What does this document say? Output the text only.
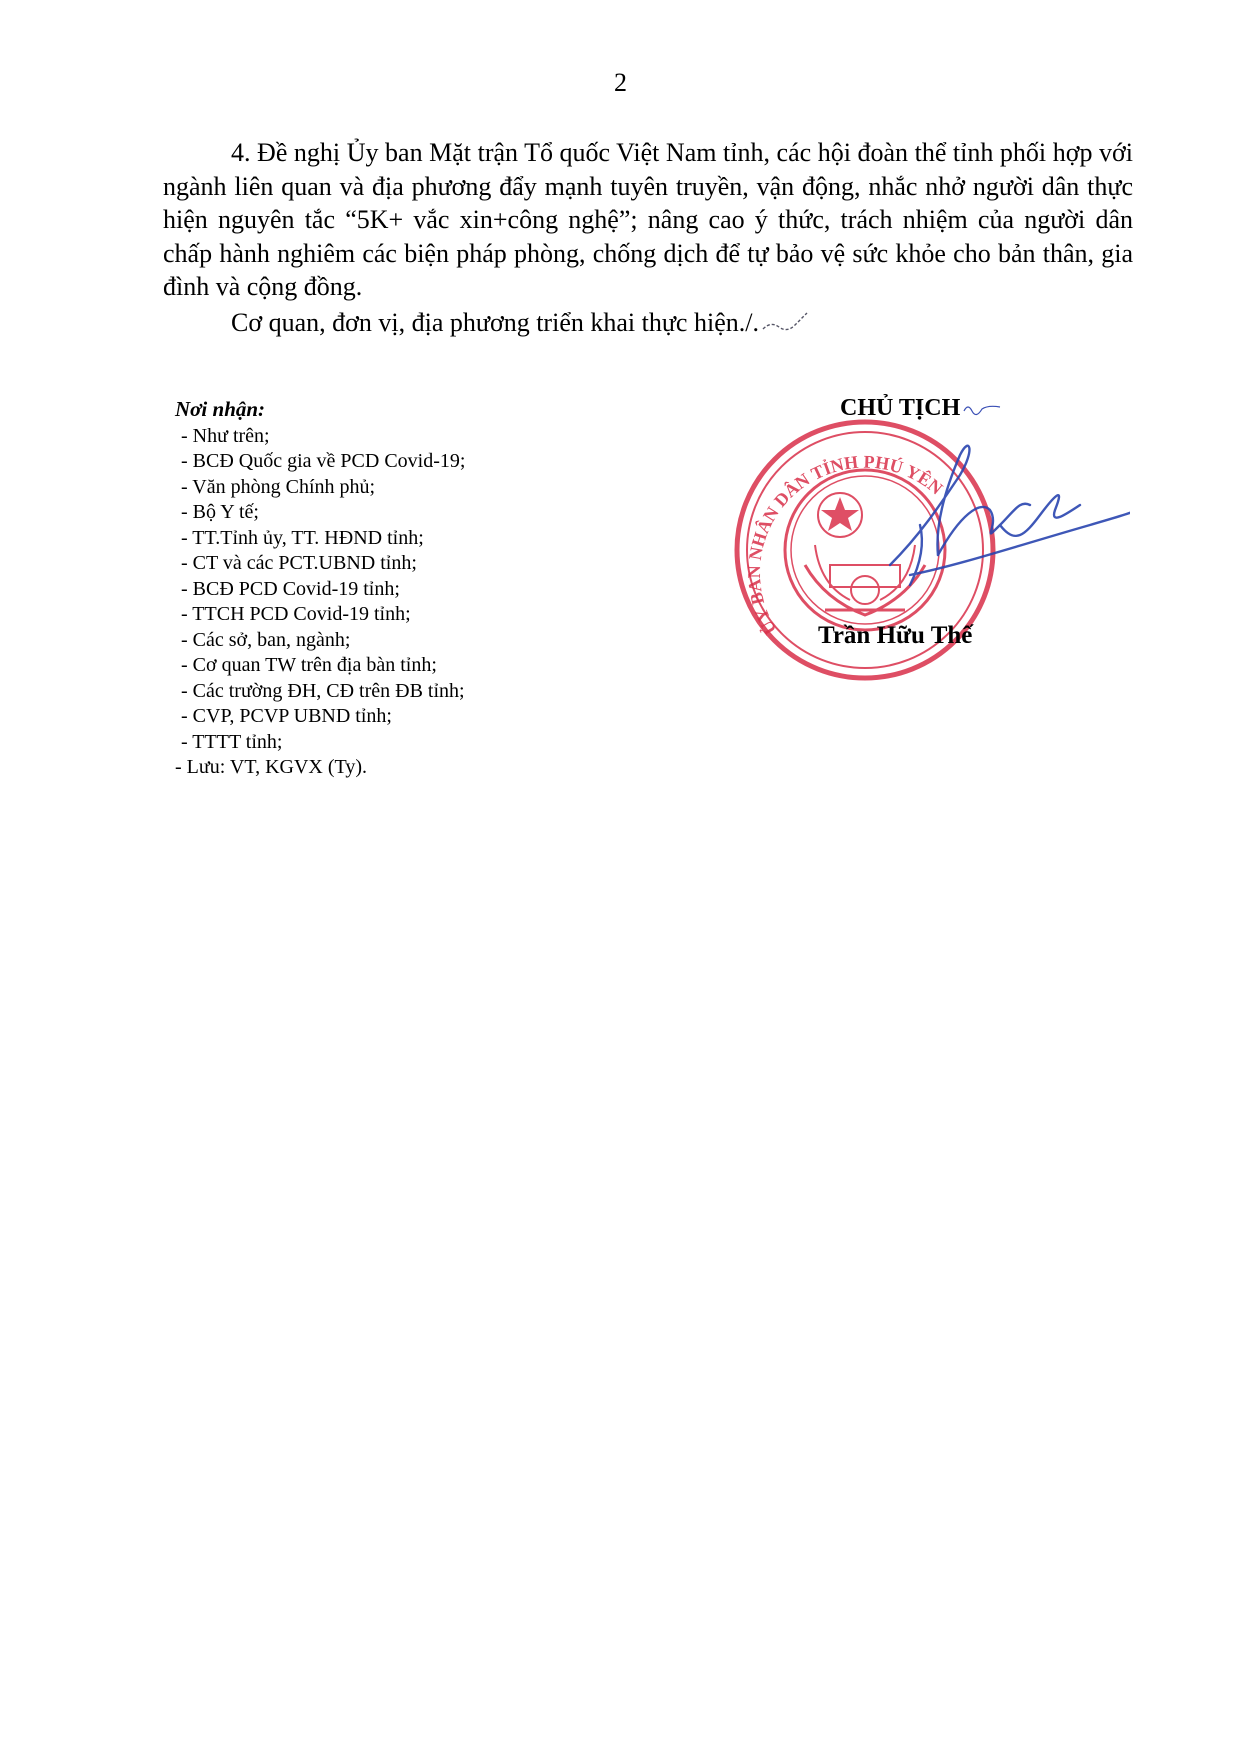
2

4. Đề nghị Ủy ban Mặt trận Tổ quốc Việt Nam tỉnh, các hội đoàn thể tỉnh phối hợp với ngành liên quan và địa phương đẩy mạnh tuyên truyền, vận động, nhắc nhở người dân thực hiện nguyên tắc “5K+ vắc xin+công nghệ”; nâng cao ý thức, trách nhiệm của người dân chấp hành nghiêm các biện pháp phòng, chống dịch để tự bảo vệ sức khỏe cho bản thân, gia đình và cộng đồng.

Cơ quan, đơn vị, địa phương triển khai thực hiện./.

Nơi nhận:
- Như trên;
- BCĐ Quốc gia về PCD Covid-19;
- Văn phòng Chính phủ;
- Bộ Y tế;
- TT.Tỉnh ủy, TT. HĐND tỉnh;
- CT và các PCT.UBND tỉnh;
- BCĐ PCD Covid-19 tỉnh;
- TTCH PCD Covid-19 tỉnh;
- Các sở, ban, ngành;
- Cơ quan TW trên địa bàn tỉnh;
- Các trường ĐH, CĐ trên ĐB tỉnh;
- CVP, PCVP UBND tỉnh;
- TTTT tỉnh;
- Lưu: VT, KGVX (Ty).
CHỦ TỊCH
ỦY BAN NHÂN DÂN TỈNH PHÚ YÊN
Trần Hữu Thế
